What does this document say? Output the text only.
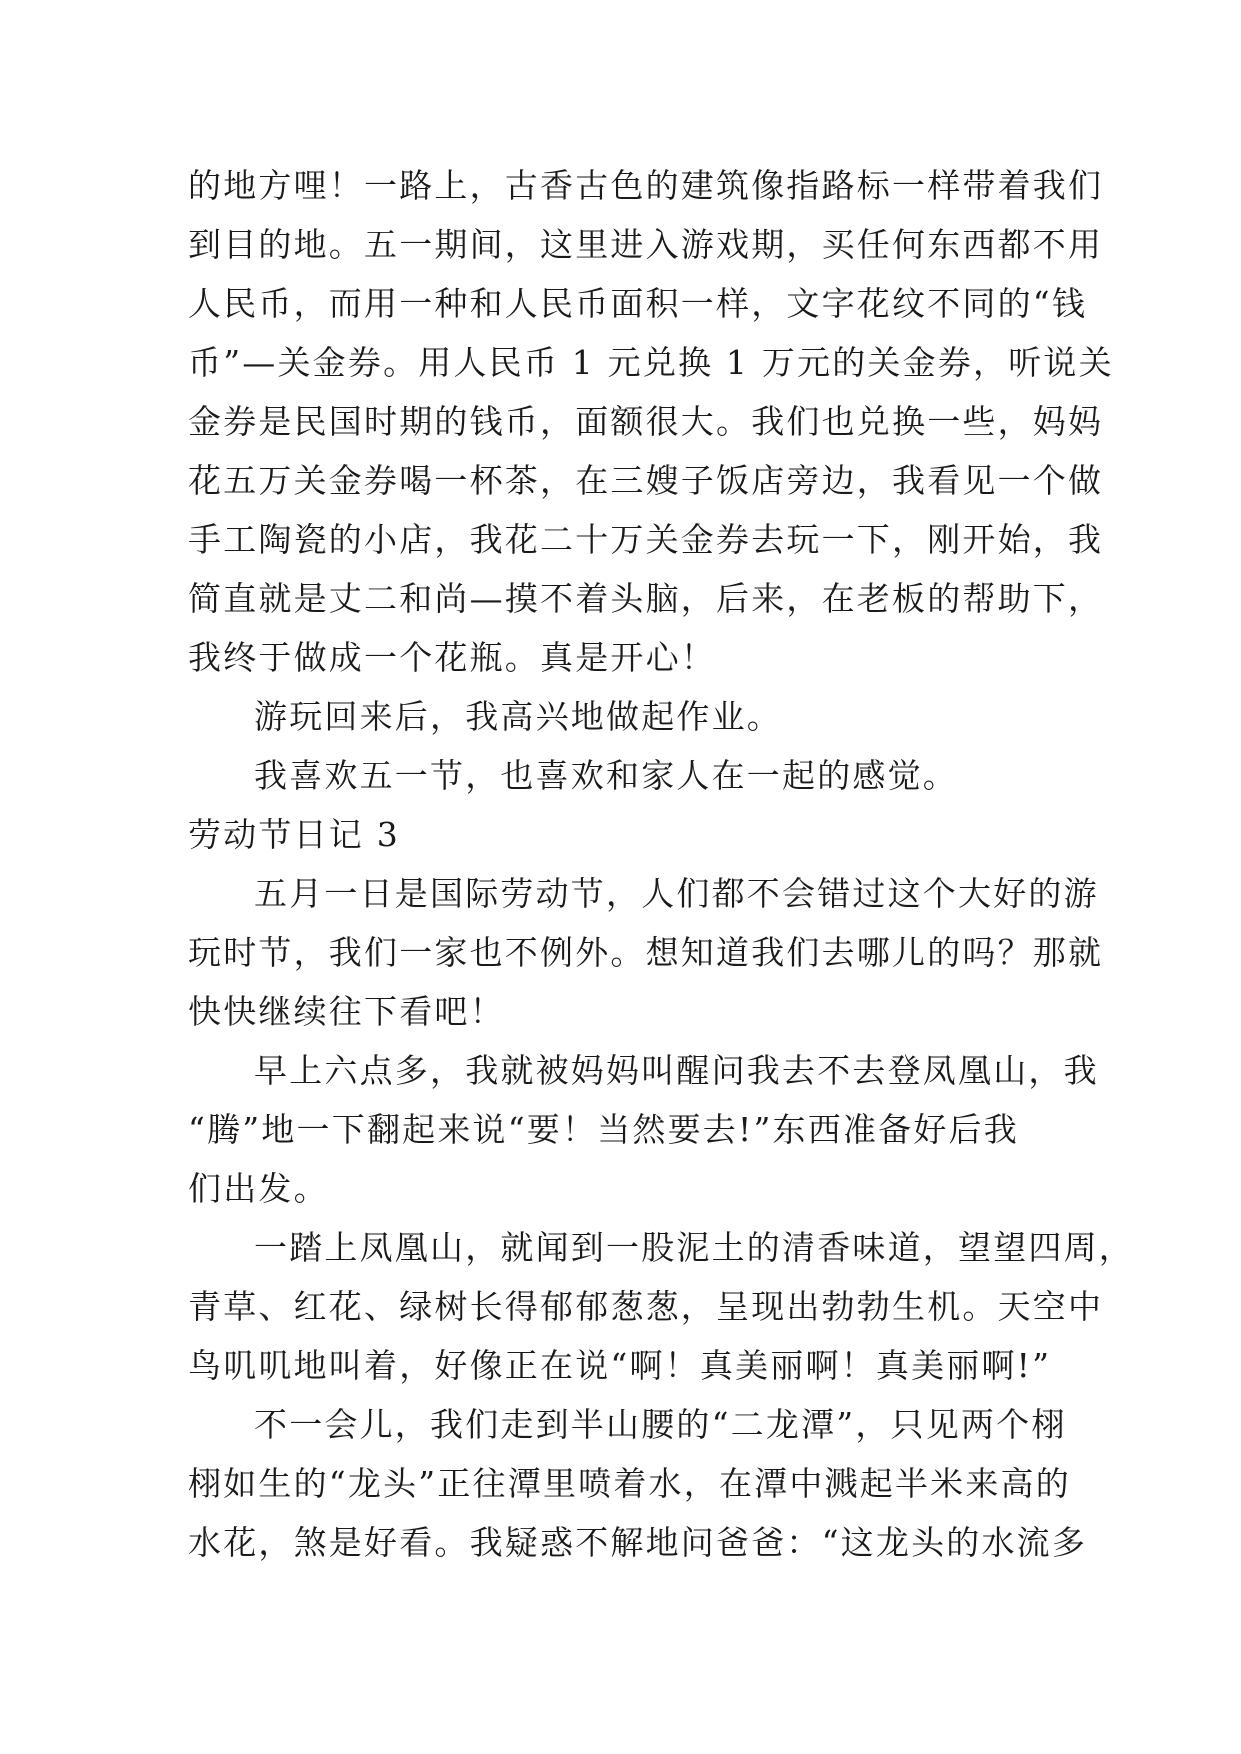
的地方哩！一路上，古香古色的建筑像指路标一样带着我们
到目的地。五一期间，这里进入游戏期，买任何东西都不用
人民币，而用一种和人民币面积一样，文字花纹不同的“钱
币”—关金券。用人民币 1 元兑换 1 万元的关金券，听说关
金券是民国时期的钱币，面额很大。我们也兑换一些，妈妈
花五万关金券喝一杯茶，在三嫂子饭店旁边，我看见一个做
手工陶瓷的小店，我花二十万关金券去玩一下，刚开始，我
简直就是丈二和尚—摸不着头脑，后来，在老板的帮助下，
我终于做成一个花瓶。真是开心！
游玩回来后，我高兴地做起作业。
我喜欢五一节，也喜欢和家人在一起的感觉。
劳动节日记 3
五月一日是国际劳动节，人们都不会错过这个大好的游
玩时节，我们一家也不例外。想知道我们去哪儿的吗？那就
快快继续往下看吧！
早上六点多，我就被妈妈叫醒问我去不去登凤凰山，我
“腾”地一下翻起来说“要！当然要去!”东西准备好后我
们出发。
一踏上凤凰山，就闻到一股泥土的清香味道，望望四周，
青草、红花、绿树长得郁郁葱葱，呈现出勃勃生机。天空中
鸟叽叽地叫着，好像正在说“啊！真美丽啊！真美丽啊!”
不一会儿，我们走到半山腰的“二龙潭”，只见两个栩
栩如生的“龙头”正往潭里喷着水，在潭中溅起半米来高的
水花，煞是好看。我疑惑不解地问爸爸：“这龙头的水流多
